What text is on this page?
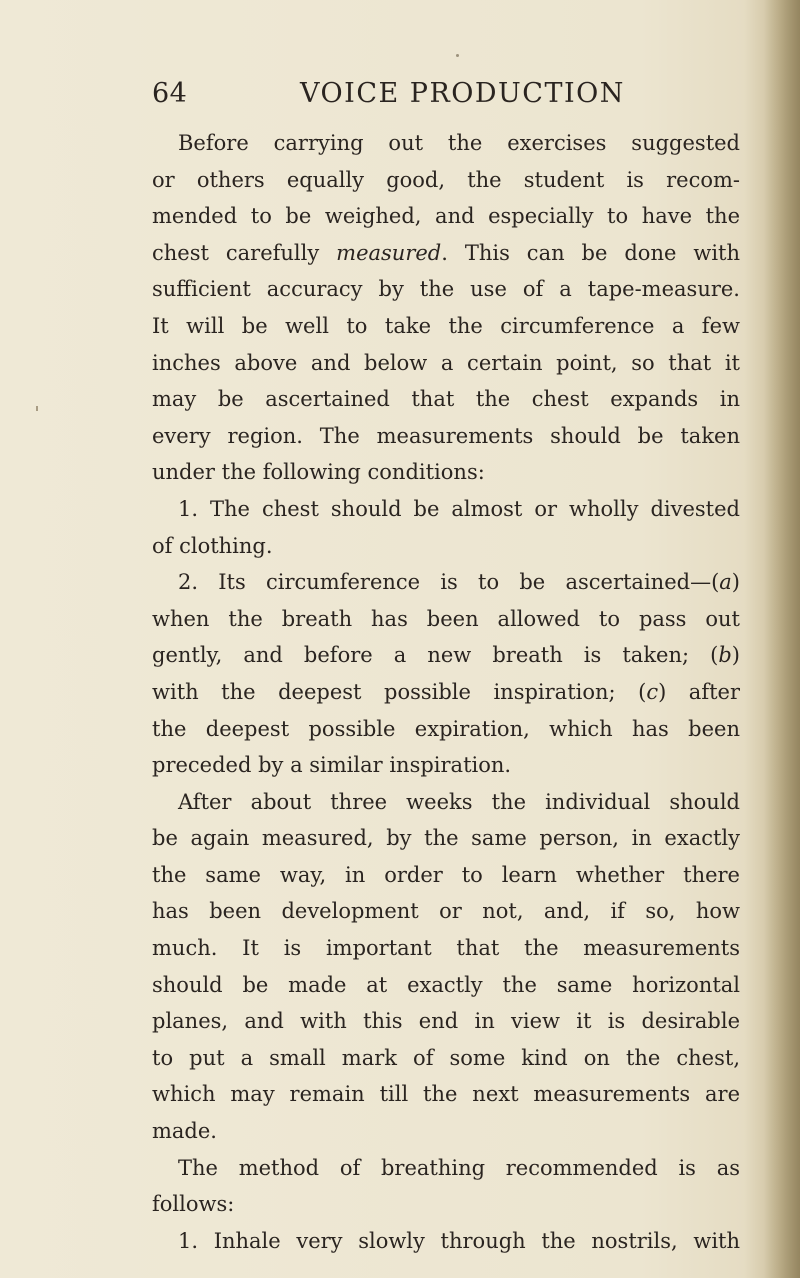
64	VOICE PRODUCTION
Before carrying out the exercises suggested
or others equally good, the student is recom-
mended to be weighed, and especially to have the
chest carefully measured. This can be done with
sufficient accuracy by the use of a tape-measure.
It will be well to take the circumference a few
inches above and below a certain point, so that it
may be ascertained that the chest expands in
every region. The measurements should be taken
under the following conditions:
1. The chest should be almost or wholly divested
of clothing.
2. Its circumference is to be ascertained—(a)
when the breath has been allowed to pass out
gently, and before a new breath is taken; (b)
with the deepest possible inspiration; (c) after
the deepest possible expiration, which has been
preceded by a similar inspiration.
After about three weeks the individual should
be again measured, by the same person, in exactly
the same way, in order to learn whether there
has been development or not, and, if so, how
much. It is important that the measurements
should be made at exactly the same horizontal
planes, and with this end in view it is desirable
to put a small mark of some kind on the chest,
which may remain till the next measurements are
made.
The method of breathing recommended is as
follows:
1. Inhale very slowly through the nostrils, with
